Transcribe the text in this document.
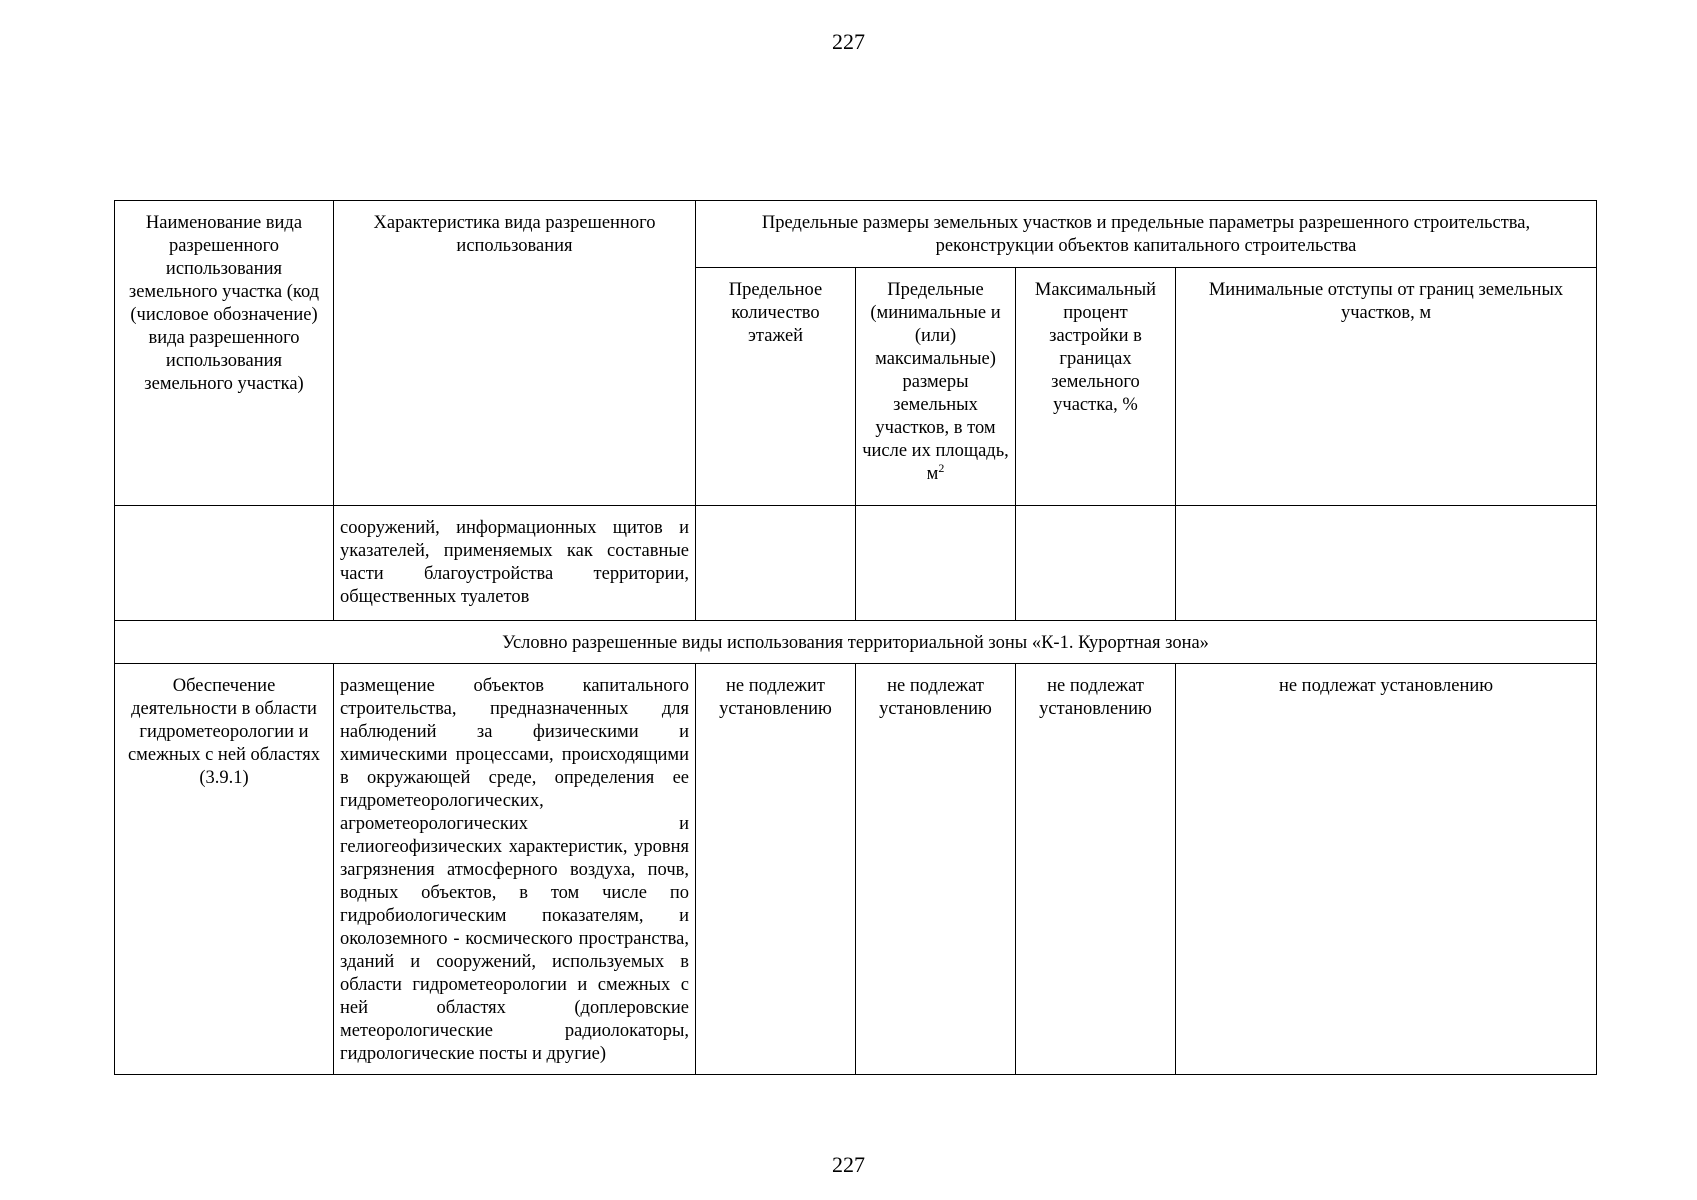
227
Наименование вида разрешенного использования земельного участка (код (числовое обозначение) вида разрешенного использования земельного участка)	Характеристика вида разрешенного использования	Предельные размеры земельных участков и предельные параметры разрешенного строительства, реконструкции объектов капитального строительства			
		Предельное количество этажей	Предельные (минимальные и (или) максимальные) размеры земельных участков, в том числе их площадь, $м^2$	Максимальный процент застройки в границах земельного участка, %	Минимальные отступы от границ земельных участков, м

	сооружений, информационных щитов и указателей, применяемых как составные части благоустройства территории, общественных туалетов				

Условно разрешенные виды использования территориальной зоны «К-1. Курортная зона»					
Обеспечение деятельности в области гидрометеорологии и смежных с ней областях (3.9.1)	размещение объектов капитального строительства, предназначенных для наблюдений за физическими и химическими процессами, происходящими в окружающей среде, определения ее гидрометеорологических, агрометеорологических и гелиогеофизических характеристик, уровня загрязнения атмосферного воздуха, почв, водных объектов, в том числе по гидробиологическим показателям, и околоземного - космического пространства, зданий и сооружений, используемых в области гидрометеорологии и смежных с ней областях (доплеровские метеорологические радиолокаторы, гидрологические посты и другие)	не подлежит установлению	не подлежат установлению	не подлежат установлению	не подлежат установлению
227
